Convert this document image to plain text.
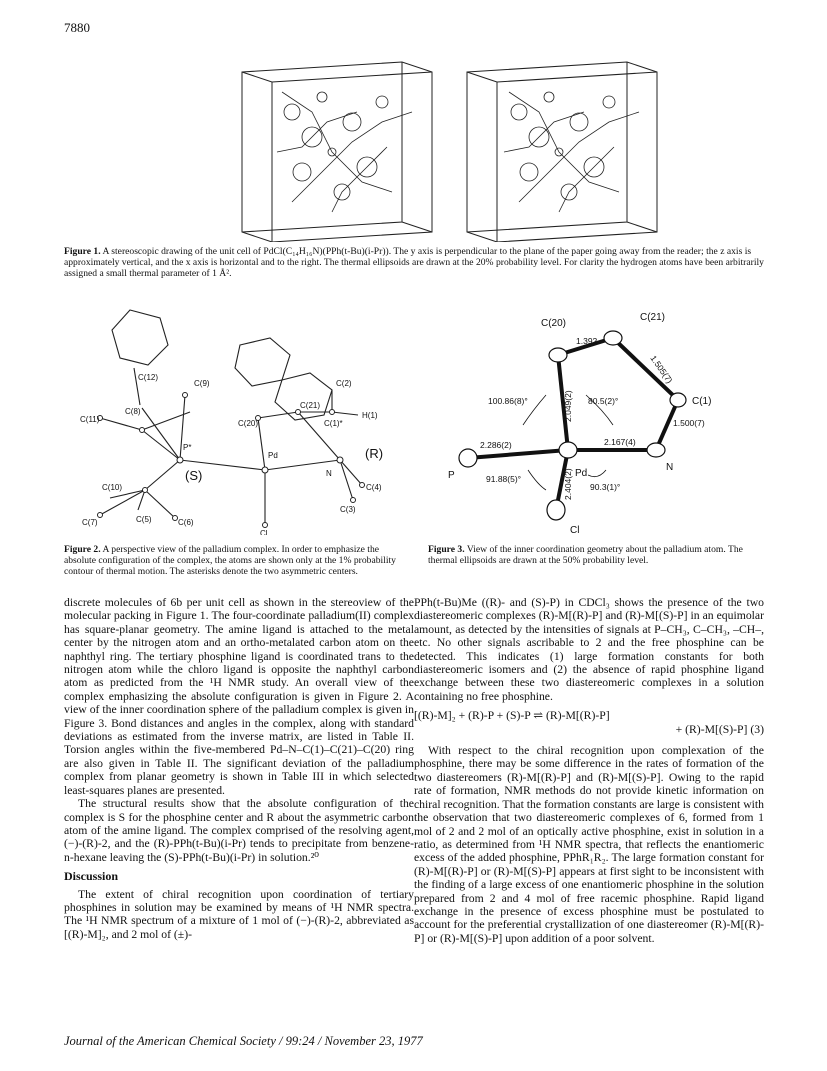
7880
Figure 1. A stereoscopic drawing of the unit cell of PdCl(C₁₄H₁₆N)(PPh(t-Bu)(i-Pr)). The y axis is perpendicular to the plane of the paper going away from the reader; the z axis is approximately vertical, and the x axis is horizontal and to the right. The thermal ellipsoids are drawn at the 20% probability level. For clarity the hydrogen atoms have been arbitrarily assigned a small thermal parameter of 1 Å².
C(11)
C(12)
C(9)
C(8)
P*
(S)
C(10)
C(7)	C(5)	C(6)
C(2)
C(20)
C(21)
C(1)*
H(1)
(R)
Pd
N
C(4)
C(3)
Cl
C(20)
C(21)
C(1)
N
P	Pd
Cl
1.392
1.505(7)
1.500(7)
2.049(2)
2.286(2)	2.167(4)
2.404(2)
100.86(8)°	80.5(2)°
91.88(5)°
90.3(1)°
Figure 2. A perspective view of the palladium complex. In order to emphasize the absolute configuration of the complex, the atoms are shown only at the 1% probability contour of thermal motion. The asterisks denote the two asymmetric centers.
Figure 3. View of the inner coordination geometry about the palladium atom. The thermal ellipsoids are drawn at the 50% probability level.

discrete molecules of 6b per unit cell as shown in the stereoview of the molecular packing in Figure 1. The four-coordinate palladium(II) complex has square-planar geometry. The amine ligand is attached to the metal center by the nitrogen atom and an ortho-metalated carbon atom on the naphthyl ring. The tertiary phosphine ligand is coordinated trans to the nitrogen atom while the chloro ligand is opposite the naphthyl carbon atom as predicted from the ¹H NMR study. An overall view of the complex emphasizing the absolute configuration is given in Figure 2. A view of the inner coordination sphere of the palladium complex is given in Figure 3. Bond distances and angles in the complex, along with standard deviations as estimated from the inverse matrix, are listed in Table II. Torsion angles within the five-membered Pd–N–C(1)–C(21)–C(20) ring are also given in Table II. The significant deviation of the palladium complex from planar geometry is shown in Table III in which selected least-squares planes are presented.

The structural results show that the absolute configuration of the complex is S for the phosphine center and R about the asymmetric carbon atom of the amine ligand. The complex comprised of the resolving agent, (−)-(R)-2, and the (R)-PPh(t-Bu)(i-Pr) tends to precipitate from benzene-n-hexane leaving the (S)-PPh(t-Bu)(i-Pr) in solution.²⁰

Discussion

The extent of chiral recognition upon coordination of tertiary phosphines in solution may be examined by means of ¹H NMR spectra. The ¹H NMR spectrum of a mixture of 1 mol of (−)-(R)-2, abbreviated as [(R)-M]₂, and 2 mol of (±)-

PPh(t-Bu)Me ((R)- and (S)-P) in CDCl₃ shows the presence of the two diastereomeric complexes (R)-M[(R)-P] and (R)-M[(S)-P] in an equimolar amount, as detected by the intensities of signals at P–CH₃, C–CH₃, –CH–, etc. No other signals ascribable to 2 and the free phosphine can be detected. This indicates (1) large formation constants for both diastereomeric isomers and (2) the absence of rapid phosphine ligand exchange between these two diastereomeric complexes in a solution containing no free phosphine.

[(R)-M]₂ + (R)-P + (S)-P ⇌ (R)-M[(R)-P]
+ (R)-M[(S)-P] (3)

With respect to the chiral recognition upon complexation of the phosphine, there may be some difference in the rates of formation of the two diastereomers (R)-M[(R)-P] and (R)-M[(S)-P]. Owing to the rapid rate of formation, NMR methods do not provide kinetic information on chiral recognition. That the formation constants are large is consistent with the observation that two diastereomeric complexes of 6, formed from 1 mol of 2 and 2 mol of an optically active phosphine, exist in solution in a ratio, as determined from ¹H NMR spectra, that reflects the enantiomeric excess of the added phosphine, PPhR₁R₂. The large formation constant for (R)-M[(R)-P] or (R)-M[(S)-P] appears at first sight to be inconsistent with the finding of a large excess of one enantiomeric phosphine in the solution prepared from 2 and 4 mol of free racemic phosphine. Rapid ligand exchange in the presence of excess phosphine must be postulated to account for the preferential crystallization of one diastereomer (R)-M[(R)-P] or (R)-M[(S)-P] upon addition of a poor solvent.

Journal of the American Chemical Society / 99:24 / November 23, 1977
